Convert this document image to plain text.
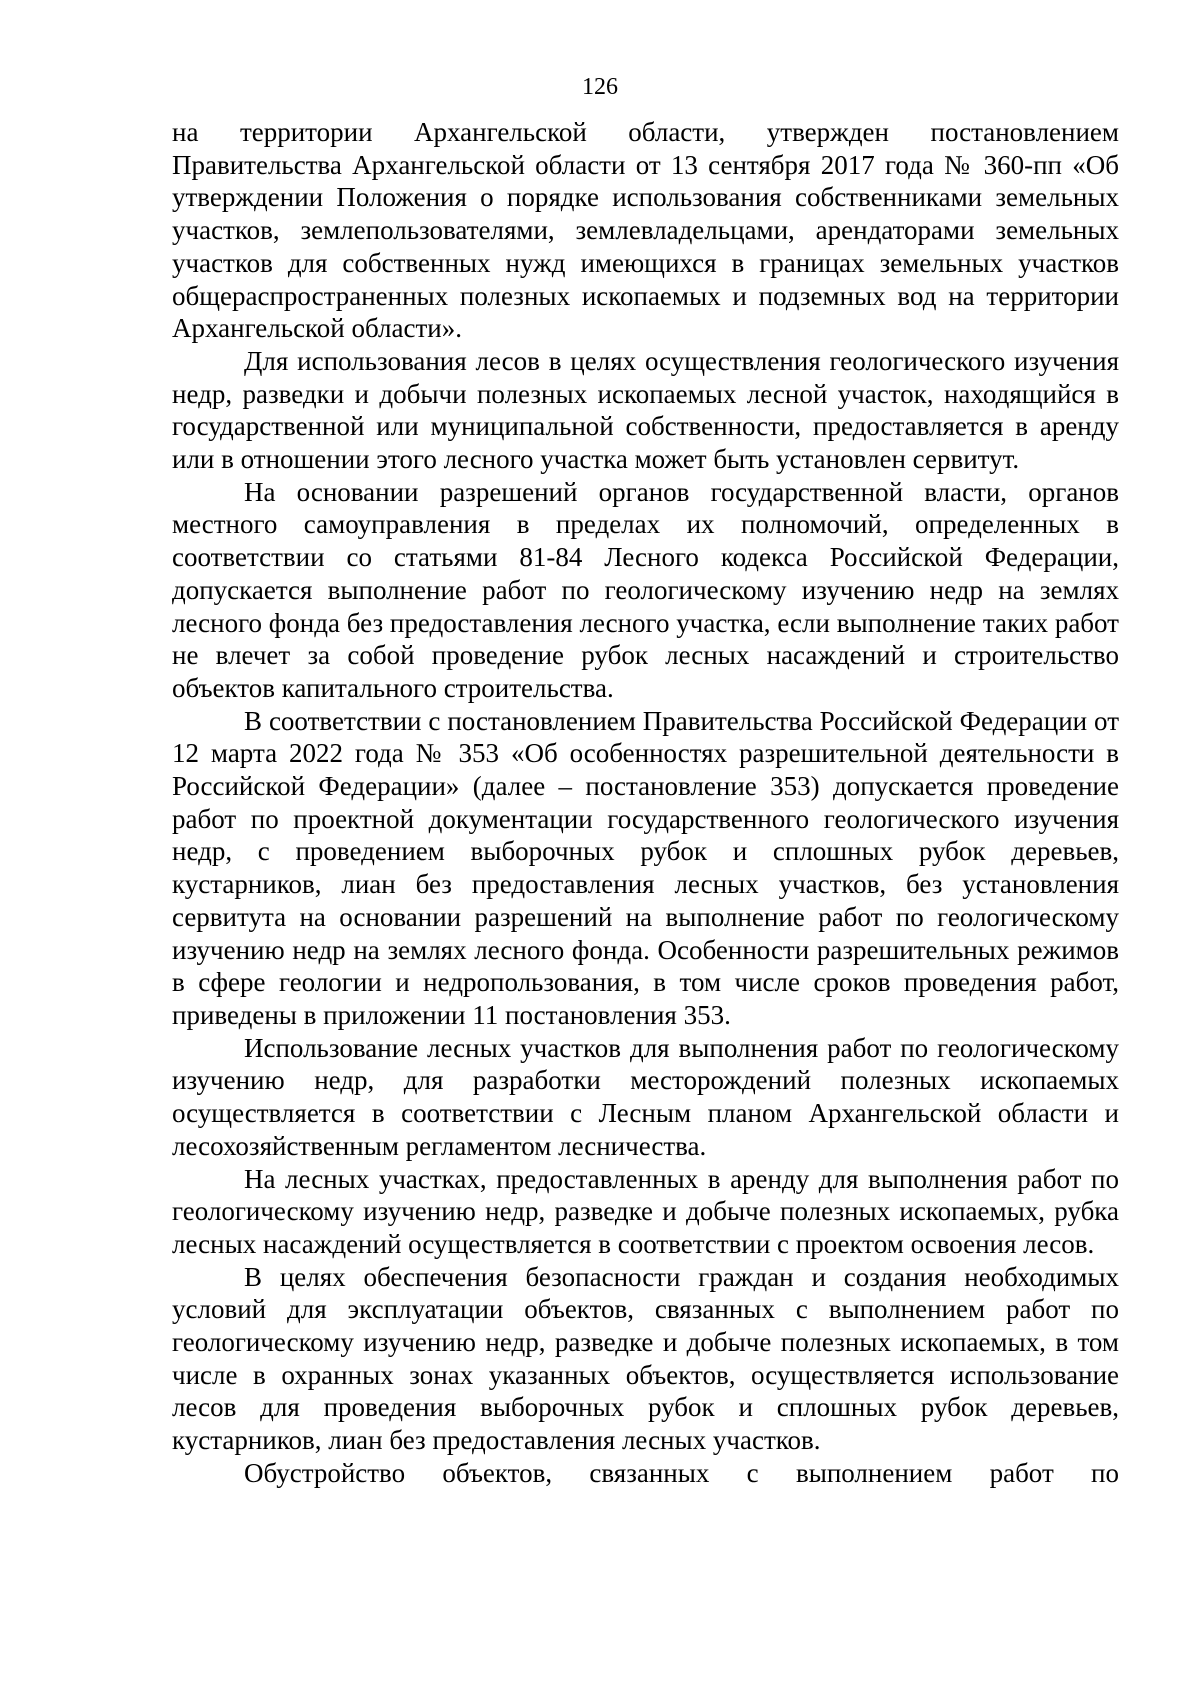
126

на территории Архангельской области, утвержден постановлением Правительства Архангельской области от 13 сентября 2017 года № 360-пп «Об утверждении Положения о порядке использования собственниками земельных участков, землепользователями, землевладельцами, арендаторами земельных участков для собственных нужд имеющихся в границах земельных участков общераспространенных полезных ископаемых и подземных вод на территории Архангельской области».

Для использования лесов в целях осуществления геологического изучения недр, разведки и добычи полезных ископаемых лесной участок, находящийся в государственной или муниципальной собственности, предоставляется в аренду или в отношении этого лесного участка может быть установлен сервитут.

На основании разрешений органов государственной власти, органов местного самоуправления в пределах их полномочий, определенных в соответствии со статьями 81-84 Лесного кодекса Российской Федерации, допускается выполнение работ по геологическому изучению недр на землях лесного фонда без предоставления лесного участка, если выполнение таких работ не влечет за собой проведение рубок лесных насаждений и строительство объектов капитального строительства.

В соответствии с постановлением Правительства Российской Федерации от 12 марта 2022 года № 353 «Об особенностях разрешительной деятельности в Российской Федерации» (далее – постановление 353) допускается проведение работ по проектной документации государственного геологического изучения недр, с проведением выборочных рубок и сплошных рубок деревьев, кустарников, лиан без предоставления лесных участков, без установления сервитута на основании разрешений на выполнение работ по геологическому изучению недр на землях лесного фонда. Особенности разрешительных режимов в сфере геологии и недропользования, в том числе сроков проведения работ, приведены в приложении 11 постановления 353.

Использование лесных участков для выполнения работ по геологическому изучению недр, для разработки месторождений полезных ископаемых осуществляется в соответствии с Лесным планом Архангельской области и лесохозяйственным регламентом лесничества.

На лесных участках, предоставленных в аренду для выполнения работ по геологическому изучению недр, разведке и добыче полезных ископаемых, рубка лесных насаждений осуществляется в соответствии с проектом освоения лесов.

В целях обеспечения безопасности граждан и создания необходимых условий для эксплуатации объектов, связанных с выполнением работ по геологическому изучению недр, разведке и добыче полезных ископаемых, в том числе в охранных зонах указанных объектов, осуществляется использование лесов для проведения выборочных рубок и сплошных рубок деревьев, кустарников, лиан без предоставления лесных участков.

Обустройство объектов, связанных с выполнением работ по
